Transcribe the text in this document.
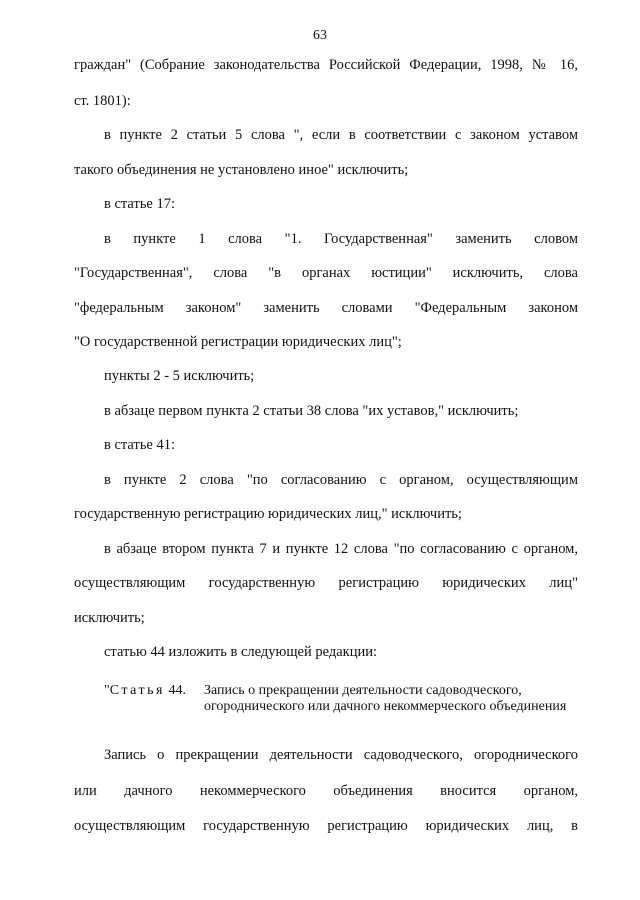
63
граждан" (Собрание законодательства Российской Федерации, 1998, № 16,
ст. 1801):
в пункте 2 статьи 5 слова ", если в соответствии с законом уставом
такого объединения не установлено иное" исключить;
в статье 17:
в пункте 1 слова "1. Государственная" заменить словом
"Государственная", слова "в органах юстиции" исключить, слова
"федеральным законом" заменить словами "Федеральным законом
"О государственной регистрации юридических лиц";
пункты 2 - 5 исключить;
в абзаце первом пункта 2 статьи 38 слова "их уставов," исключить;
в статье 41:
в пункте 2 слова "по согласованию с органом, осуществляющим
государственную регистрацию юридических лиц," исключить;
в абзаце втором пункта 7 и пункте 12 слова "по согласованию с органом,
осуществляющим государственную регистрацию юридических лиц"
исключить;
статью 44 изложить в следующей редакции:
"Статья 44. Запись о прекращении деятельности садоводческого, огороднического или дачного некоммерческого объединения
Запись о прекращении деятельности садоводческого, огороднического
или дачного некоммерческого объединения вносится органом,
осуществляющим государственную регистрацию юридических лиц, в
